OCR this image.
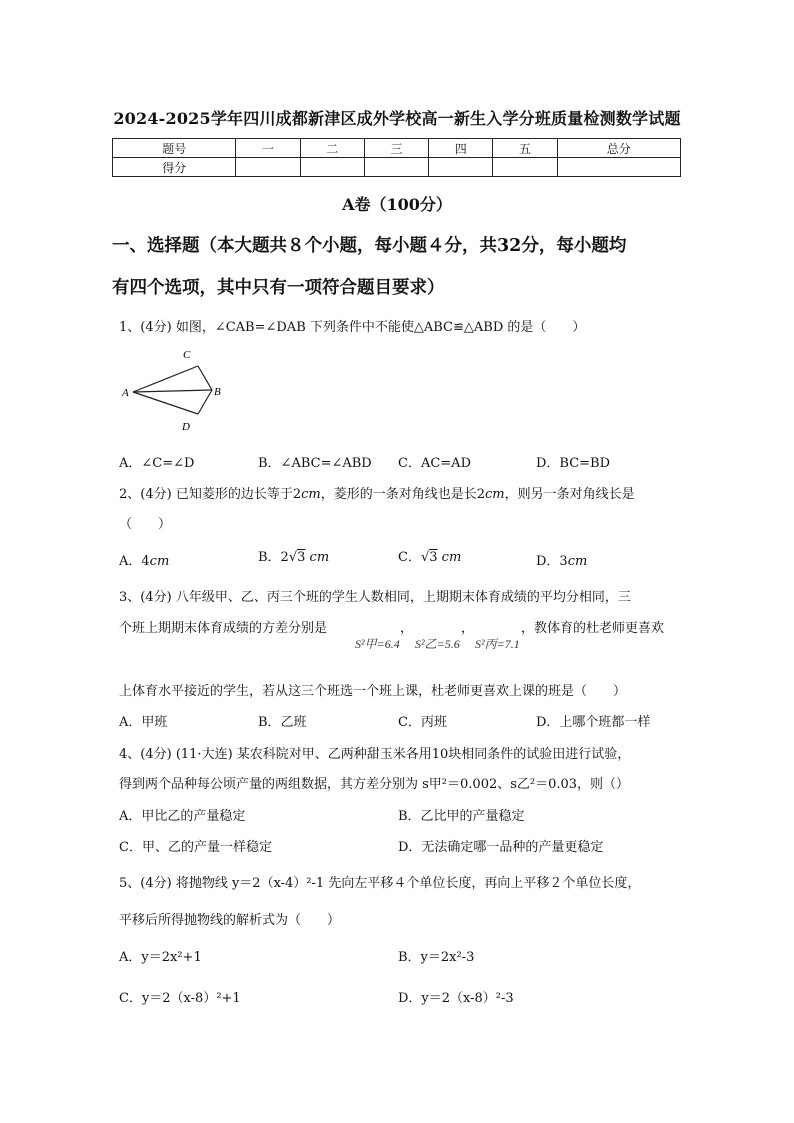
2024-2025学年四川成都新津区成外学校高一新生入学分班质量检测数学试题
题号	一	二	三	四	五	总分
得分						
A卷（100分）
一、选择题（本大题共８个小题，每小题４分，共32分，每小题均
有四个选项，其中只有一项符合题目要求）
1、(4分) 如图，∠CAB=∠DAB 下列条件中不能使△ABC≌△ABD 的是（　　）
C
A	B
D
A．∠C=∠D	B．∠ABC=∠ABD C．AC=AD	D．BC=BD
2、(4分) 已知菱形的边长等于2cm，菱形的一条对角线也是长2cm，则另一条对角线长是
（　　）
A．4cm	B．2√3 cm	C．√3 cm	D．3cm
3、(4分) 八年级甲、乙、丙三个班的学生人数相同，上期期末体育成绩的平均分相同，三
个班上期期末体育成绩的方差分别是	，	，	，教体育的杜老师更喜欢
S²甲=6.4 S²乙=5.6 S²丙=7.1
上体育水平接近的学生，若从这三个班选一个班上课，杜老师更喜欢上课的班是（　　）
A．甲班	B．乙班	C．丙班	D．上哪个班都一样
4、(4分) (11·大连) 某农科院对甲、乙两种甜玉米各用10块相同条件的试验田进行试验，
得到两个品种每公顷产量的两组数据，其方差分别为 s甲²＝0.002、s乙²＝0.03，则（）
A．甲比乙的产量稳定	B．乙比甲的产量稳定
C．甲、乙的产量一样稳定	D．无法确定哪一品种的产量更稳定
5、(4分) 将抛物线 y＝2（x-4）²-1 先向左平移４个单位长度，再向上平移２个单位长度，
平移后所得抛物线的解析式为（　　）
A．y＝2x²+1	B．y＝2x²-3
C．y＝2（x-8）²+1	D．y＝2（x-8）²-3
